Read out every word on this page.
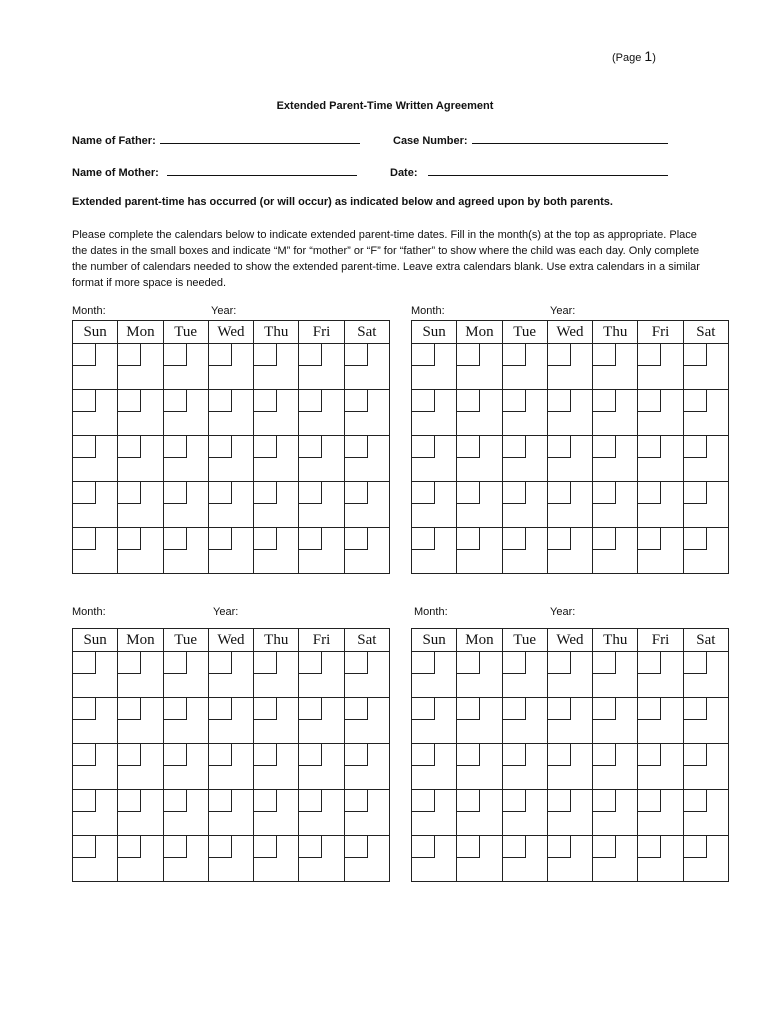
(Page 1)
Extended Parent-Time Written Agreement
Name of Father:	Case Number:
Name of Mother:	Date:
Extended parent-time has occurred (or will occur) as indicated below and agreed upon by both parents.
Please complete the calendars below to indicate extended parent-time dates. Fill in the month(s) at the top as appropriate. Place the dates in the small boxes and indicate “M” for “mother” or “F” for “father” to show where the child was each day. Only complete the number of calendars needed to show the extended parent-time. Leave extra calendars blank. Use extra calendars in a similar format if more space is needed.
Month:	Year:
Sun	Mon	Tue	Wed	Thu	Fri	Sat

Month:	Year:
Sun	Mon	Tue	Wed	Thu	Fri	Sat

Month:	Year:
Sun	Mon	Tue	Wed	Thu	Fri	Sat

Month:	Year:
Sun	Mon	Tue	Wed	Thu	Fri	Sat
